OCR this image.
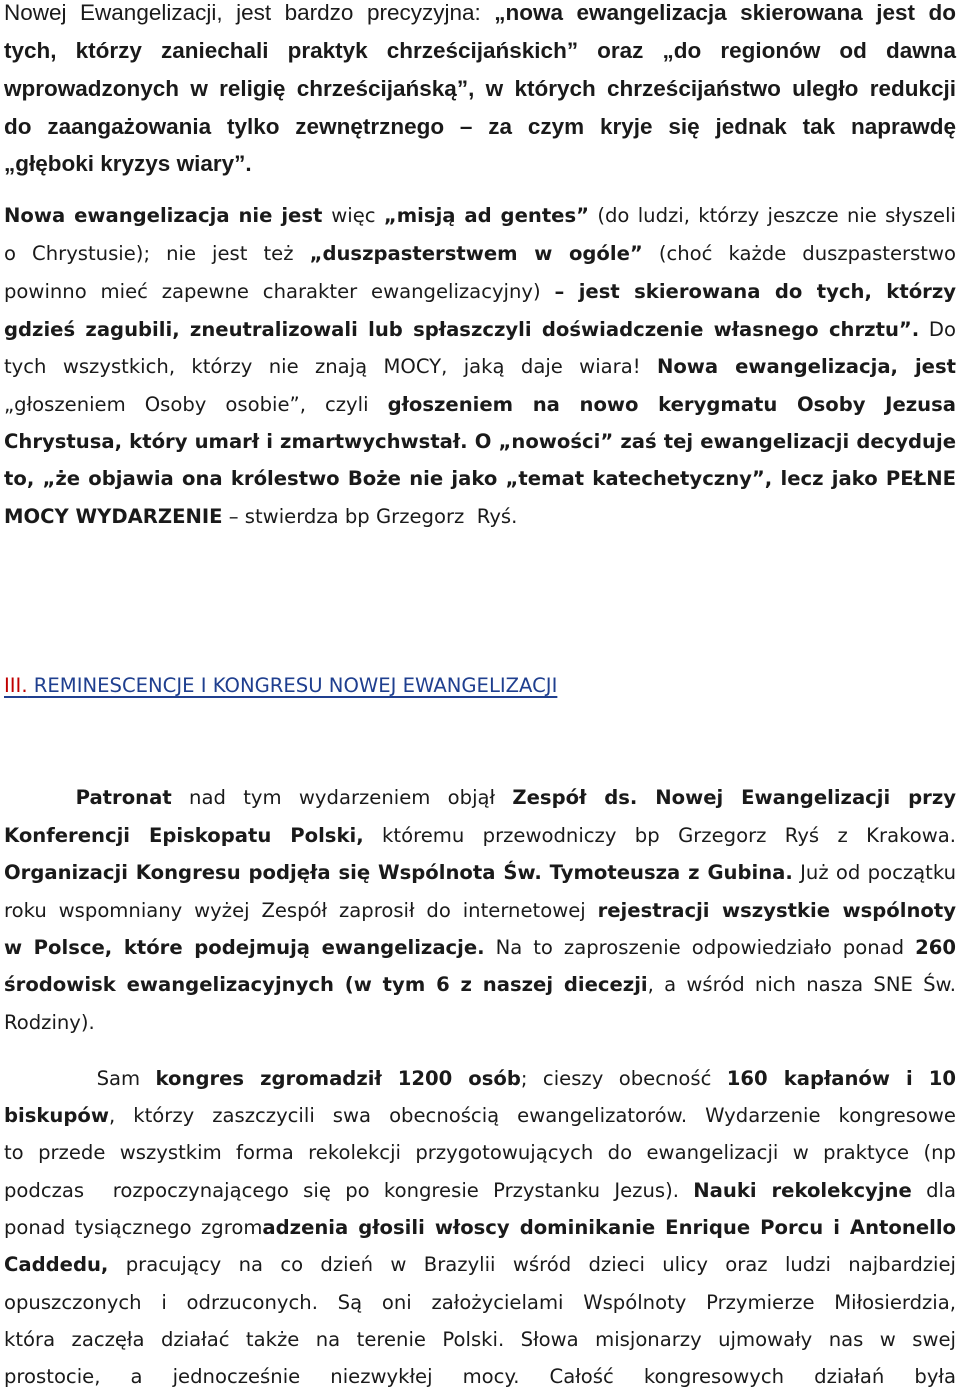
Nowej Ewangelizacji, jest bardzo precyzyjna: „nowa ewangelizacja skierowana jest do
tych, którzy zaniechali praktyk chrześcijańskich” oraz „do regionów od dawna
wprowadzonych w religię chrześcijańską”, w których chrześcijaństwo uległo redukcji
do zaangażowania tylko zewnętrznego – za czym kryje się jednak tak naprawdę
„głęboki kryzys wiary”.
Nowa ewangelizacja nie jest więc „misją ad gentes” (do ludzi, którzy jeszcze nie słyszeli
o Chrystusie); nie jest też „duszpasterstwem w ogóle” (choć każde duszpasterstwo
powinno mieć zapewne charakter ewangelizacyjny) – jest skierowana do tych, którzy
gdzieś zagubili, zneutralizowali lub spłaszczyli doświadczenie własnego chrztu”. Do
tych wszystkich, którzy nie znają MOCY, jaką daje wiara! Nowa ewangelizacja, jest
„głoszeniem Osoby osobie”, czyli głoszeniem na nowo kerygmatu Osoby Jezusa
Chrystusa, który umarł i zmartwychwstał. O „nowości” zaś tej ewangelizacji decyduje
to, „że objawia ona królestwo Boże nie jako „temat katechetyczny”, lecz jako PEŁNE
MOCY WYDARZENIE – stwierdza bp Grzegorz  Ryś.
III. REMINESCENCJE I KONGRESU NOWEJ EWANGELIZACJI
Patronat nad tym wydarzeniem objął Zespół ds. Nowej Ewangelizacji przy
Konferencji Episkopatu Polski, któremu przewodniczy bp Grzegorz Ryś z Krakowa.
Organizacji Kongresu podjęła się Wspólnota Św. Tymoteusza z Gubina. Już od początku
roku wspomniany wyżej Zespół zaprosił do internetowej rejestracji wszystkie wspólnoty
w Polsce, które podejmują ewangelizacje. Na to zaproszenie odpowiedziało ponad 260
środowisk ewangelizacyjnych (w tym 6 z naszej diecezji, a wśród nich nasza SNE Św.
Rodziny).
Sam kongres zgromadził 1200 osób; cieszy obecność 160 kapłanów i 10
biskupów, którzy zaszczycili swa obecnością ewangelizatorów. Wydarzenie kongresowe
to przede wszystkim forma rekolekcji przygotowujących do ewangelizacji w praktyce (np
podczas  rozpoczynającego się po kongresie Przystanku Jezus). Nauki rekolekcyjne dla
ponad tysiącznego zgromadzenia głosili włoscy dominikanie Enrique Porcu i Antonello
Caddedu, pracujący na co dzień w Brazylii wśród dzieci ulicy oraz ludzi najbardziej
opuszczonych i odrzuconych. Są oni założycielami Wspólnoty Przymierze Miłosierdzia,
która zaczęła działać także na terenie Polski. Słowa misjonarzy ujmowały nas w swej
prostocie, a jednocześnie niezwykłej mocy. Całość kongresowych działań była
